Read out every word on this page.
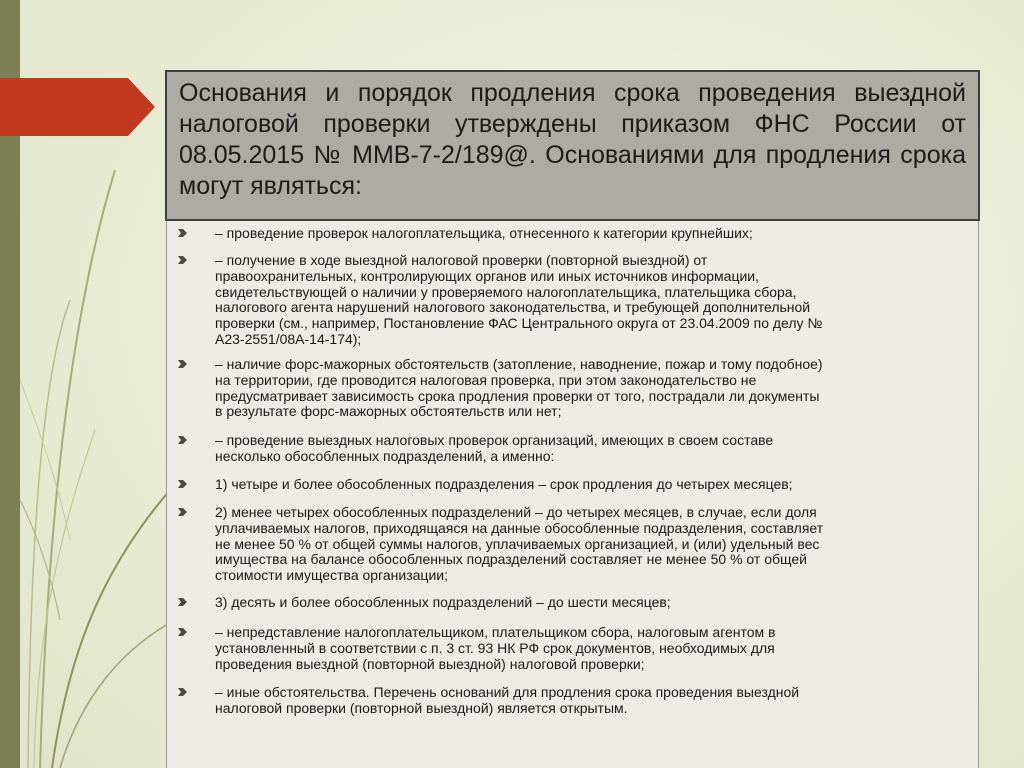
Основания и порядок продления срока проведения выездной налоговой проверки утверждены приказом ФНС России от 08.05.2015 № ММВ-7-2/189@. Основаниями для продления срока могут являться:

– проведение проверок налогоплательщика, отнесенного к категории крупнейших;
– получение в ходе выездной налоговой проверки (повторной выездной) от
правоохранительных, контролирующих органов или иных источников информации,
свидетельствующей о наличии у проверяемого налогоплательщика, плательщика сбора,
налогового агента нарушений налогового законодательства, и требующей дополнительной
проверки (см., например, Постановление ФАС Центрального округа от 23.04.2009 по делу №
А23-2551/08А-14-174);
– наличие форс-мажорных обстоятельств (затопление, наводнение, пожар и тому подобное)
на территории, где проводится налоговая проверка, при этом законодательство не
предусматривает зависимость срока продления проверки от того, пострадали ли документы
в результате форс-мажорных обстоятельств или нет;
– проведение выездных налоговых проверок организаций, имеющих в своем составе
несколько обособленных подразделений, а именно:
1) четыре и более обособленных подразделения – срок продления до четырех месяцев;
2) менее четырех обособленных подразделений – до четырех месяцев, в случае, если доля
уплачиваемых налогов, приходящаяся на данные обособленные подразделения, составляет
не менее 50 % от общей суммы налогов, уплачиваемых организацией, и (или) удельный вес
имущества на балансе обособленных подразделений составляет не менее 50 % от общей
стоимости имущества организации;
3) десять и более обособленных подразделений – до шести месяцев;
– непредставление налогоплательщиком, плательщиком сбора, налоговым агентом в
установленный в соответствии с п. 3 ст. 93 НК РФ срок документов, необходимых для
проведения выездной (повторной выездной) налоговой проверки;
– иные обстоятельства. Перечень оснований для продления срока проведения выездной
налоговой проверки (повторной выездной) является открытым.
